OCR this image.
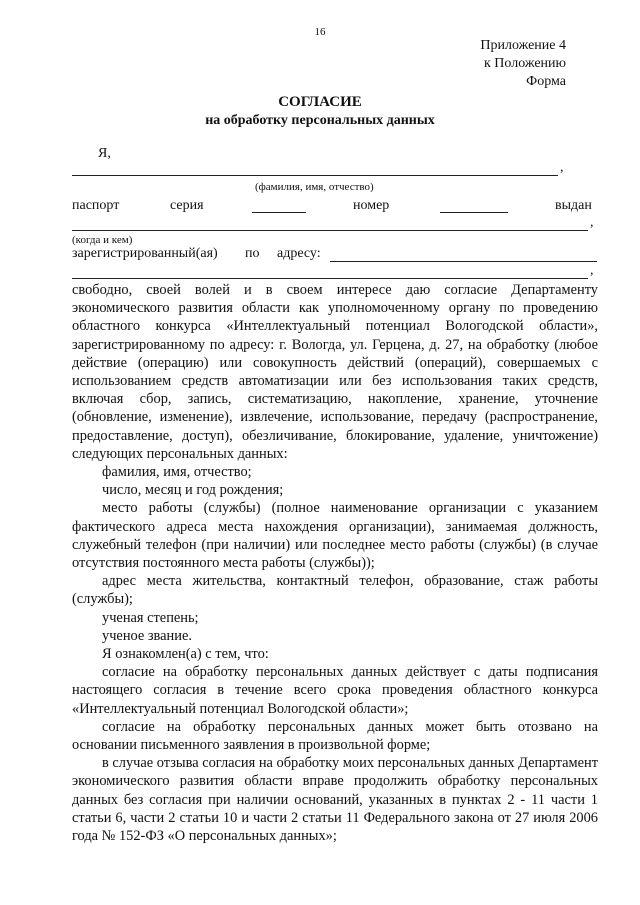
16
Приложение 4
к Положению
Форма
СОГЛАСИЕ
на обработку персональных данных
Я,
,
(фамилия, имя, отчество)
паспорт	серия	номер	выдан
,
(когда и кем)
зарегистрированный(ая) по адресу:
,

свободно, своей волей и в своем интересе даю согласие Департаменту экономического развития области как уполномоченному органу по проведению областного конкурса «Интеллектуальный потенциал Вологодской области», зарегистрированному по адресу: г. Вологда, ул. Герцена, д. 27, на обработку (любое действие (операцию) или совокупность действий (операций), совершаемых с использованием средств автоматизации или без использования таких средств, включая сбор, запись, систематизацию, накопление, хранение, уточнение (обновление, изменение), извлечение, использование, передачу (распространение, предоставление, доступ), обезличивание, блокирование, удаление, уничтожение) следующих персональных данных:

фамилия, имя, отчество;

число, месяц и год рождения;

место работы (службы) (полное наименование организации с указанием фактического адреса места нахождения организации), занимаемая должность, служебный телефон (при наличии) или последнее место работы (службы) (в случае отсутствия постоянного места работы (службы));

адрес места жительства, контактный телефон, образование, стаж работы (службы);

ученая степень;

ученое звание.

Я ознакомлен(а) с тем, что:

согласие на обработку персональных данных действует с даты подписания настоящего согласия в течение всего срока проведения областного конкурса «Интеллектуальный потенциал Вологодской области»;

согласие на обработку персональных данных может быть отозвано на основании письменного заявления в произвольной форме;

в случае отзыва согласия на обработку моих персональных данных Департамент экономического развития области вправе продолжить обработку персональных данных без согласия при наличии оснований, указанных в пунктах 2 - 11 части 1 статьи 6, части 2 статьи 10 и части 2 статьи 11 Федерального закона от 27 июля 2006 года № 152-ФЗ «О персональных данных»;
